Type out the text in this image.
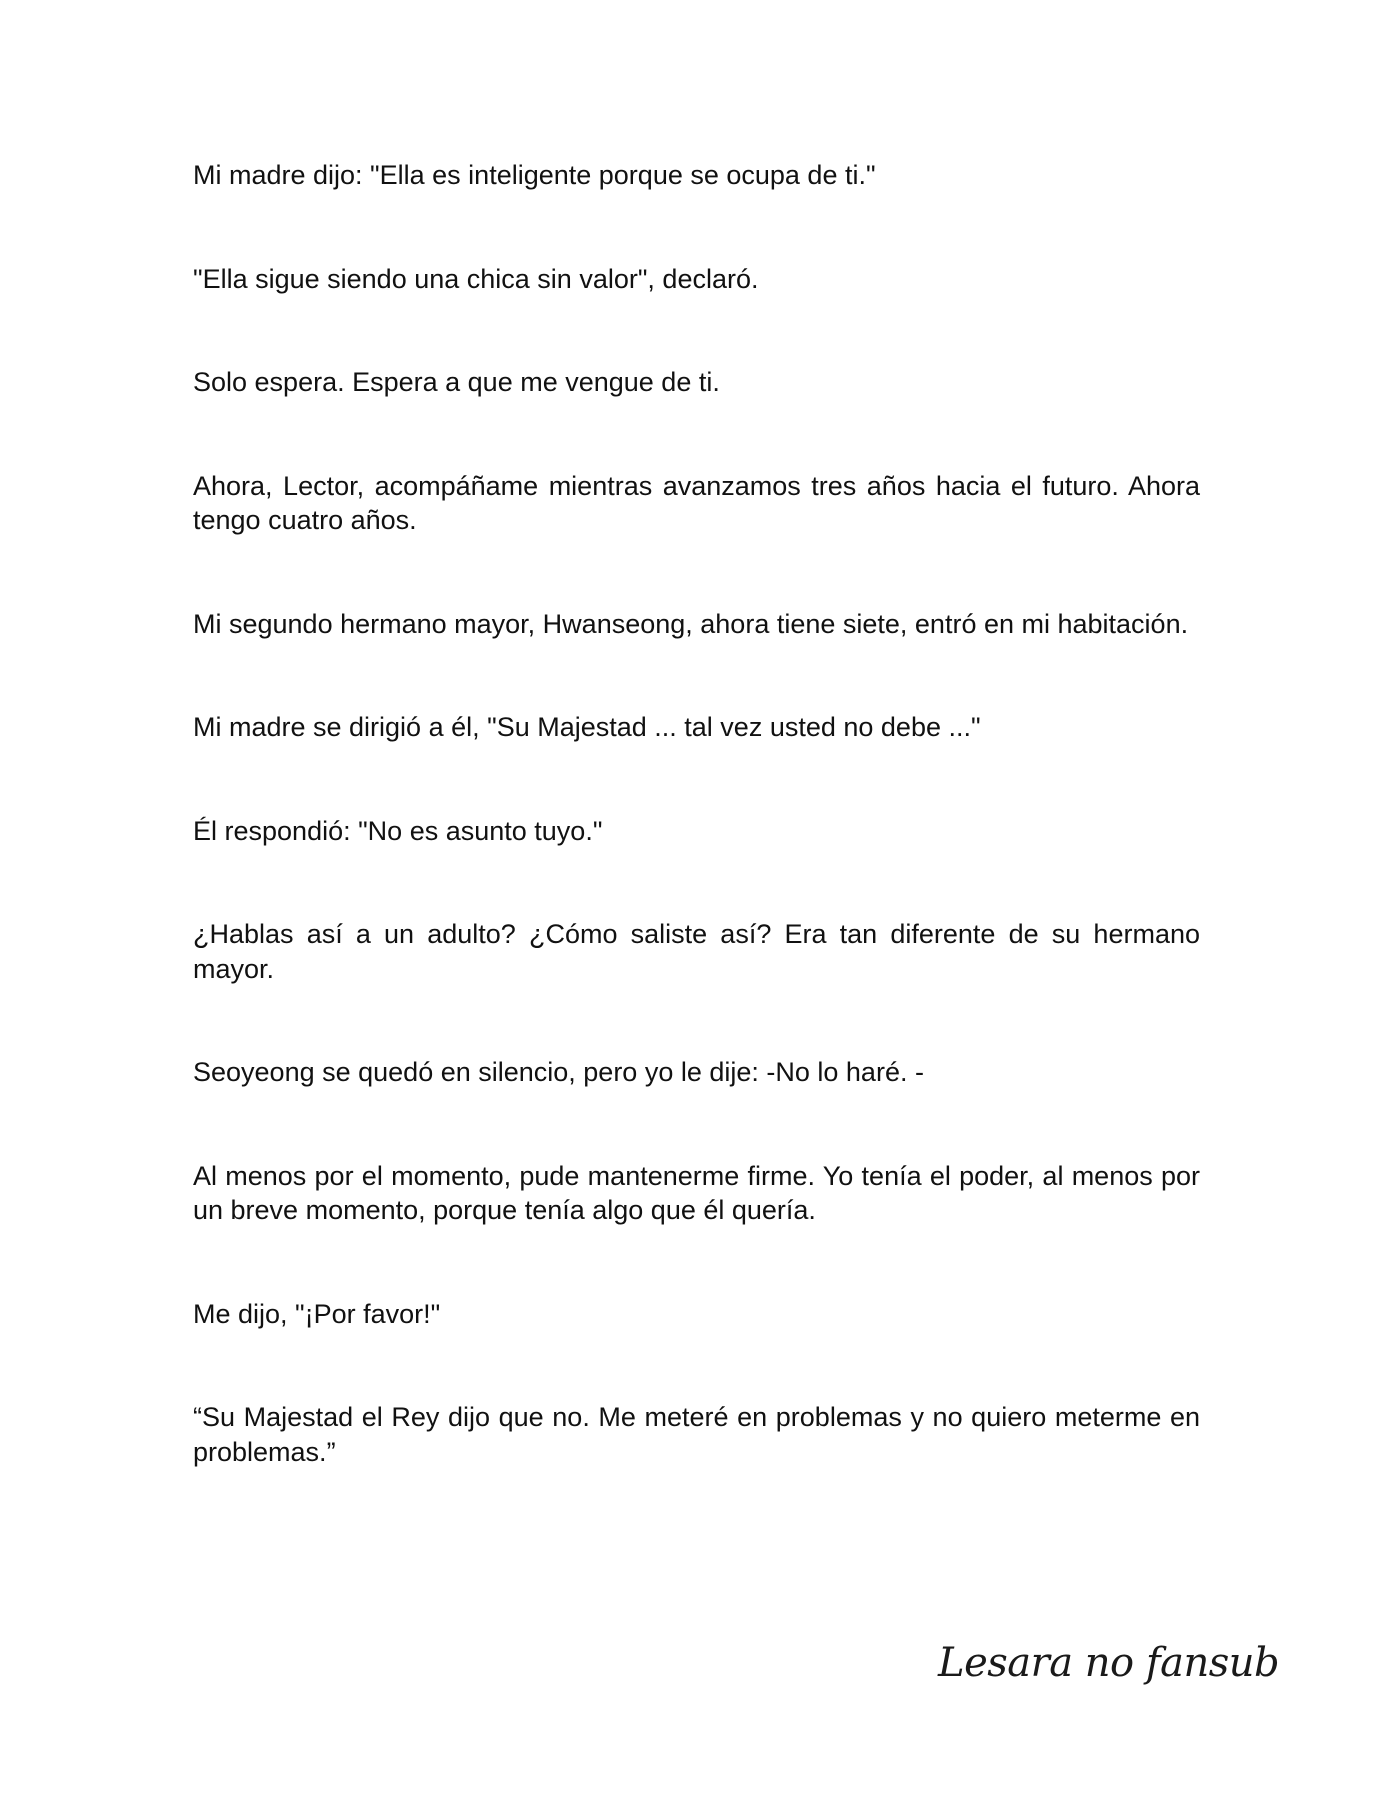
Mi madre dijo: "Ella es inteligente porque se ocupa de ti."

"Ella sigue siendo una chica sin valor", declaró.

Solo espera. Espera a que me vengue de ti.

Ahora, Lector, acompáñame mientras avanzamos tres años hacia el futuro. Ahora tengo cuatro años.

Mi segundo hermano mayor, Hwanseong, ahora tiene siete, entró en mi habitación.

Mi madre se dirigió a él, "Su Majestad ... tal vez usted no debe ..."

Él respondió: "No es asunto tuyo."

¿Hablas así a un adulto? ¿Cómo saliste así? Era tan diferente de su hermano mayor.

Seoyeong se quedó en silencio, pero yo le dije: -No lo haré. -

Al menos por el momento, pude mantenerme firme. Yo tenía el poder, al menos por un breve momento, porque tenía algo que él quería.

Me dijo, "¡Por favor!"

“Su Majestad el Rey dijo que no. Me meteré en problemas y no quiero meterme en problemas.”

Lesara no fansub
